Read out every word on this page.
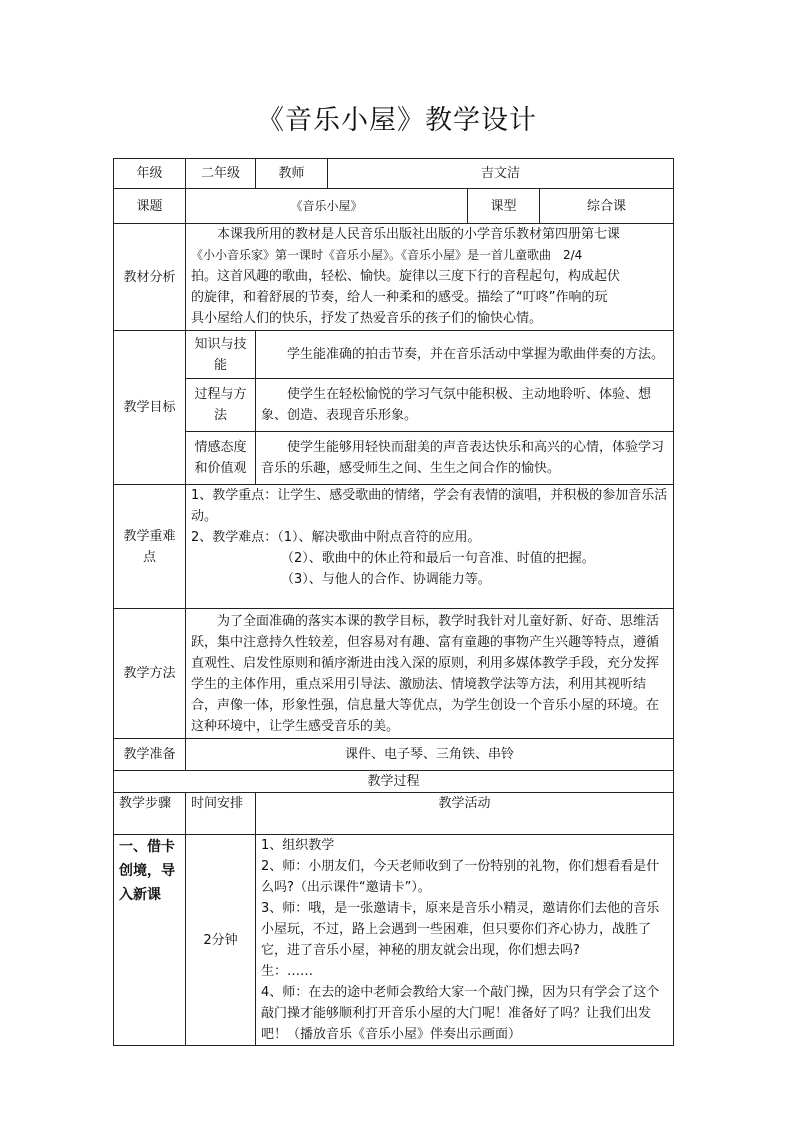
《音乐小屋》教学设计
年级	二年级	教师	吉文洁		
课题	《音乐小屋》			课型	综合课
教材分析	本课我所用的教材是人民音乐出版社出版的小学音乐教材第四册第七课
《小小音乐家》第一课时《音乐小屋》。《音乐小屋》是一首儿童歌曲　2/4
拍。这首风趣的歌曲，轻松、愉快。旋律以三度下行的音程起句，构成起伏
的旋律，和着舒展的节奏，给人一种柔和的感受。描绘了“叮咚”作响的玩
具小屋给人们的快乐，抒发了热爱音乐的孩子们的愉快心情。				

教学目标	知识与技能	学生能准确的拍击节奏，并在音乐活动中掌握为歌曲伴奏的方法。			
	过程与方法	使学生在轻松愉悦的学习气氛中能积极、主动地聆听、体验、想象、创造、表现音乐形象。			
	情感态度和价值观	使学生能够用轻快而甜美的声音表达快乐和高兴的心情，体验学习音乐的乐趣，感受师生之间、生生之间合作的愉快。			
教学重难点	1、教学重点：让学生、感受歌曲的情绪，学会有表情的演唱，并积极的参加音乐活动。
2、教学难点：（1）、解决歌曲中附点音符的应用。
（2）、歌曲中的休止符和最后一句音准、时值的把握。
（3）、与他人的合作、协调能力等。				

教学方法	为了全面准确的落实本课的教学目标，教学时我针对儿童好新、好奇、思维活跃，集中注意持久性较差，但容易对有趣、富有童趣的事物产生兴趣等特点，遵循直观性、启发性原则和循序渐进由浅入深的原则，利用多媒体教学手段，充分发挥学生的主体作用，重点采用引导法、激励法、情境教学法等方法，利用其视听结合，声像一体，形象性强，信息量大等优点，为学生创设一个音乐小屋的环境。在这种环境中，让学生感受音乐的美。				
教学准备	课件、电子琴、三角铁、串铃				
教学过程					
教学步骤	时间安排	教学活动			
一、借卡创境，导入新课	2分钟	1、组织教学
2、师：小朋友们，今天老师收到了一份特别的礼物，你们想看看是什么吗?（出示课件“邀请卡”）。
3、师：哦，是一张邀请卡，原来是音乐小精灵，邀请你们去他的音乐小屋玩，不过，路上会遇到一些困难，但只要你们齐心协力，战胜了它，进了音乐小屋，神秘的朋友就会出现，你们想去吗?
生：……
4、师：在去的途中老师会教给大家一个敲门操，因为只有学会了这个敲门操才能够顺利打开音乐小屋的大门呢！准备好了吗？让我们出发吧！（播放音乐《音乐小屋》伴奏出示画面）			
